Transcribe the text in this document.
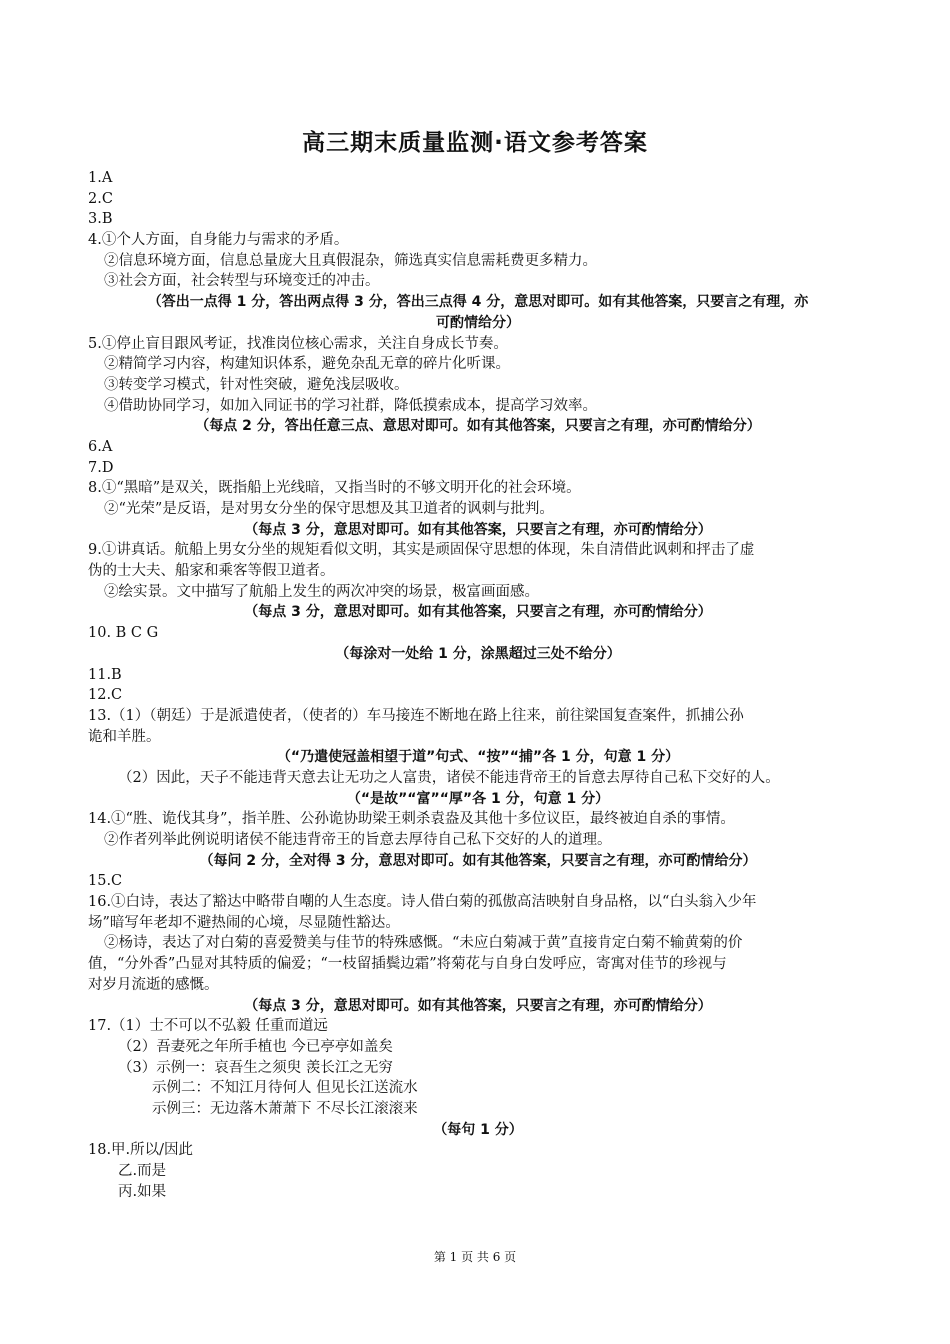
高三期末质量监测·语文参考答案
1.A
2.C
3.B
4.①个人方面，自身能力与需求的矛盾。
②信息环境方面，信息总量庞大且真假混杂，筛选真实信息需耗费更多精力。
③社会方面，社会转型与环境变迁的冲击。
（答出一点得 1 分，答出两点得 3 分，答出三点得 4 分，意思对即可。如有其他答案，只要言之有理，亦
可酌情给分）
5.①停止盲目跟风考证，找准岗位核心需求，关注自身成长节奏。
②精简学习内容，构建知识体系，避免杂乱无章的碎片化听课。
③转变学习模式，针对性突破，避免浅层吸收。
④借助协同学习，如加入同证书的学习社群，降低摸索成本，提高学习效率。
（每点 2 分，答出任意三点、意思对即可。如有其他答案，只要言之有理，亦可酌情给分）
6.A
7.D
8.①“黑暗”是双关，既指船上光线暗，又指当时的不够文明开化的社会环境。
②“光荣”是反语，是对男女分坐的保守思想及其卫道者的讽刺与批判。
（每点 3 分，意思对即可。如有其他答案，只要言之有理，亦可酌情给分）
9.①讲真话。航船上男女分坐的规矩看似文明，其实是顽固保守思想的体现，朱自清借此讽刺和抨击了虚
伪的士大夫、船家和乘客等假卫道者。
②绘实景。文中描写了航船上发生的两次冲突的场景，极富画面感。
（每点 3 分，意思对即可。如有其他答案，只要言之有理，亦可酌情给分）
10. B C G
（每涂对一处给 1 分，涂黑超过三处不给分）
11.B
12.C
13.（1）（朝廷）于是派遣使者，（使者的）车马接连不断地在路上往来，前往梁国复查案件，抓捕公孙
诡和羊胜。
（“乃遣使冠盖相望于道”句式、“按”“捕”各 1 分，句意 1 分）
（2）因此，天子不能违背天意去让无功之人富贵，诸侯不能违背帝王的旨意去厚待自己私下交好的人。
（“是故”“富”“厚”各 1 分，句意 1 分）
14.①“胜、诡伐其身”，指羊胜、公孙诡协助梁王刺杀袁盎及其他十多位议臣，最终被迫自杀的事情。
②作者列举此例说明诸侯不能违背帝王的旨意去厚待自己私下交好的人的道理。
（每问 2 分，全对得 3 分，意思对即可。如有其他答案，只要言之有理，亦可酌情给分）
15.C
16.①白诗，表达了豁达中略带自嘲的人生态度。诗人借白菊的孤傲高洁映射自身品格，以“白头翁入少年
场”暗写年老却不避热闹的心境，尽显随性豁达。
②杨诗，表达了对白菊的喜爱赞美与佳节的特殊感慨。“未应白菊减于黄”直接肯定白菊不输黄菊的价
值，“分外香”凸显对其特质的偏爱；“一枝留插鬓边霜”将菊花与自身白发呼应，寄寓对佳节的珍视与
对岁月流逝的感慨。
（每点 3 分，意思对即可。如有其他答案，只要言之有理，亦可酌情给分）
17.（1）士不可以不弘毅 任重而道远
（2）吾妻死之年所手植也 今已亭亭如盖矣
（3）示例一：哀吾生之须臾 羡长江之无穷
示例二：不知江月待何人 但见长江送流水
示例三：无边落木萧萧下 不尽长江滚滚来
（每句 1 分）
18.甲.所以/因此
乙.而是
丙.如果
第 1 页 共 6 页
